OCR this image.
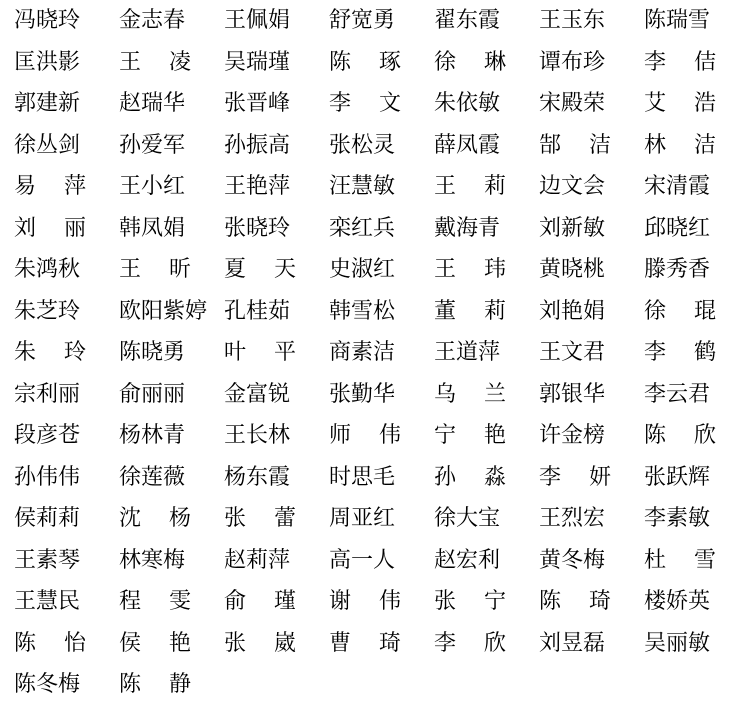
冯晓玲 金志春 王佩娟 舒宽勇 翟东霞 王玉东 陈瑞雪
匡洪影 王凌 吴瑞瑾 陈琢 徐琳 谭布珍 李佶
郭建新 赵瑞华 张晋峰 李文 朱依敏 宋殿荣 艾浩
徐丛剑 孙爱军 孙振高 张松灵 薛凤霞 郜洁 林洁
易萍 王小红 王艳萍 汪慧敏 王莉 边文会 宋清霞
刘丽 韩凤娟 张晓玲 栾红兵 戴海青 刘新敏 邱晓红
朱鸿秋 王昕 夏天 史淑红 王玮 黄晓桃 滕秀香
朱芝玲 欧阳紫婷 孔桂茹 韩雪松 董莉 刘艳娟 徐琨
朱玲 陈晓勇 叶平 商素洁 王道萍 王文君 李鹤
宗利丽 俞丽丽 金富锐 张勤华 乌兰 郭银华 李云君
段彦苍 杨林青 王长林 师伟 宁艳 许金榜 陈欣
孙伟伟 徐莲薇 杨东霞 时思毛 孙淼 李妍 张跃辉
侯莉莉 沈杨 张蕾 周亚红 徐大宝 王烈宏 李素敏
王素琴 林寒梅 赵莉萍 高一人 赵宏利 黄冬梅 杜雪
王慧民 程雯 俞瑾 谢伟 张宁 陈琦 楼娇英
陈怡 侯艳 张崴 曹琦 李欣 刘昱磊 吴丽敏
陈冬梅 陈静
